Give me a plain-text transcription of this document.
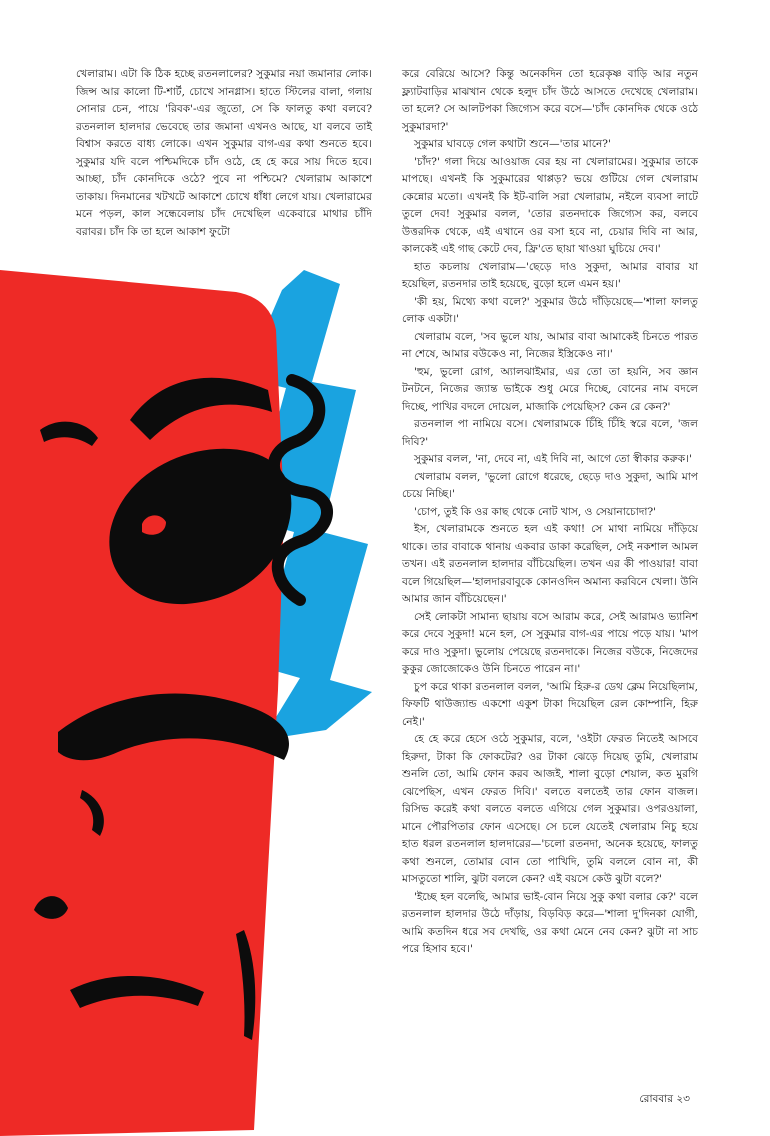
খেলারাম। এটা কি ঠিক হচ্ছে রতনলালের? সুকুমার নয়া জমানার লোক। জিন্স আর কালো টি-শার্ট, চোখে সানগ্লাস। হাতে স্টিলের বালা, গলায় সোনার চেন, পায়ে 'রিবক'-এর জুতো, সে কি ফালতু কথা বলবে? রতনলাল হালদার ভেবেছে তার জমানা এখনও আছে, যা বলবে তাই বিশ্বাস করতে বাধ্য লোকে। এখন সুকুমার বাগ-এর কথা শুনতে হবে। সুকুমার যদি বলে পশ্চিমদিকে চাঁদ ওঠে, হে হে করে সায় দিতে হবে। আচ্ছা, চাঁদ কোনদিকে ওঠে? পুবে না পশ্চিমে? খেলারাম আকাশে তাকায়। দিনমানের খটখটে আকাশে চোখে ধাঁধা লেগে যায়। খেলারামের মনে পড়ল, কাল সন্ধেবেলায় চাঁদ দেখেছিল একেবারে মাথার চাঁদি বরাবর। চাঁদ কি তা হলে আকাশ ফুটো

করে বেরিয়ে আসে? কিন্তু অনেকদিন তো হরেকৃষ্ণ বাড়ি আর নতুন ফ্ল্যাটবাড়ির মাঝখান থেকে হলুদ চাঁদ উঠে আসতে দেখেছে খেলারাম। তা হলে? সে আলটপকা জিগ্যেস করে বসে—'চাঁদ কোনদিক থেকে ওঠে সুকুমারদা?'

সুকুমার ঘাবড়ে গেল কথাটা শুনে—'তার মানে?'

'চাঁদ?' গলা দিয়ে আওয়াজ বের হয় না খেলারামের। সুকুমার তাকে মাপছে। এখনই কি সুকুমারের থাপ্পড়? ভয়ে গুটিয়ে গেল খেলারাম কেন্নোর মতো। এখনই কি ইট-বালি সরা খেলারাম, নইলে ব্যবসা লাটে তুলে দেব! সুকুমার বলল, 'তোর রতনদাকে জিগ্যেস কর, বলবে উত্তরদিক থেকে, এই এখানে ওর বসা হবে না, চেয়ার দিবি না আর, কালকেই এই গাছ কেটে দেব, ফ্রি'তে ছায়া খাওয়া ঘুচিয়ে দেব।'

হাত কচলায় খেলারাম—'ছেড়ে দাও সুকুদা, আমার বাবার যা হয়েছিল, রতনদার তাই হয়েছে, বুড়ো হলে এমন হয়।'

'কী হয়, মিথ্যে কথা বলে?' সুকুমার উঠে দাঁড়িয়েছে—'শালা ফালতু লোক একটা।'

খেলারাম বলে, 'সব ভুলে যায়, আমার বাবা আমাকেই চিনতে পারত না শেষে, আমার বউকেও না, নিজের ইস্ত্রিকেও না।'

'হুম, ভুলো রোগ, অ্যালঝাইমার, এর তো তা হয়নি, সব জ্ঞান টনটনে, নিজের জ্যান্ত ভাইকে শুধু মেরে দিচ্ছে, বোনের নাম বদলে দিচ্ছে, পাখির বদলে দোয়েল, মাজাকি পেয়েছিস? কেন রে কেন?'

রতনলাল পা নামিয়ে বসে। খেলারামকে চিঁহি চিঁহি স্বরে বলে, 'জল দিবি?'

সুকুমার বলল, 'না, দেবে না, এই দিবি না, আগে তো স্বীকার করুক।'

খেলারাম বলল, 'ভুলো রোগে ধরেছে, ছেড়ে দাও সুকুদা, আমি মাপ চেয়ে নিচ্ছি।'

'চোপ, তুই কি ওর কাছ থেকে নোট খাস, ও সেয়ানাচোদা?'

ইস, খেলারামকে শুনতে হল এই কথা! সে মাথা নামিয়ে দাঁড়িয়ে থাকে। তার বাবাকে থানায় একবার ডাকা করেছিল, সেই নকশাল আমল তখন। এই রতনলাল হালদার বাঁচিয়েছিল। তখন এর কী পাওয়ার! বাবা বলে গিয়েছিল—'হালদারবাবুকে কোনওদিন অমান্য করবিনে খেলা। উনি আমার জান বাঁচিয়েছেন।'

সেই লোকটা সামান্য ছায়ায় বসে আরাম করে, সেই আরামও ভ্যানিশ করে দেবে সুকুদা! মনে হল, সে সুকুমার বাগ-এর পায়ে পড়ে যায়। 'মাপ করে দাও সুকুদা। ভুলোয় পেয়েছে রতনদাকে। নিজের বউকে, নিজেদের কুকুর জোজোকেও উনি চিনতে পারেন না।'

চুপ করে থাকা রতনলাল বলল, 'আমি হিরু-র ডেথ ক্লেম নিয়েছিলাম, ফিফটি থাউজ্যান্ড একশো একুশ টাকা দিয়েছিল রেল কোম্পানি, হিরু নেই।'

হে হে করে হেসে ওঠে সুকুমার, বলে, 'ওইটা ফেরত নিতেই আসবে হিরুদা, টাকা কি ফোকটের? ওর টাকা ঝেড়ে দিয়েছ তুমি, খেলারাম শুনলি তো, আমি ফোন করব আজই, শালা বুড়ো শেয়াল, কত মুরগি ঝেপেছিস, এখন ফেরত দিবি।' বলতে বলতেই তার ফোন বাজল। রিসিভ করেই কথা বলতে বলতে এগিয়ে গেল সুকুমার। ওপরওয়ালা, মানে পৌরপিতার ফোন এসেছে। সে চলে যেতেই খেলারাম নিচু হয়ে হাত ধরল রতনলাল হালদারের—'চলো রতনদা, অনেক হয়েছে, ফালতু কথা শুনলে, তোমার বোন তো পাখিদি, তুমি বললে বোন না, কী মাসতুতো শালি, ঝুটা বললে কেন? এই বয়সে কেউ ঝুটা বলে?'

'ইচ্ছে হল বলেছি, আমার ভাই-বোন নিয়ে সুকু কথা বলার কে?' বলে রতনলাল হালদার উঠে দাঁড়ায়, বিড়বিড় করে—'শালা দু'দিনকা যোগী, আমি কতদিন ধরে সব দেখছি, ওর কথা মেনে নেব কেন? ঝুটা না সাচ পরে হিসাব হবে।'

রোববার ২৩
